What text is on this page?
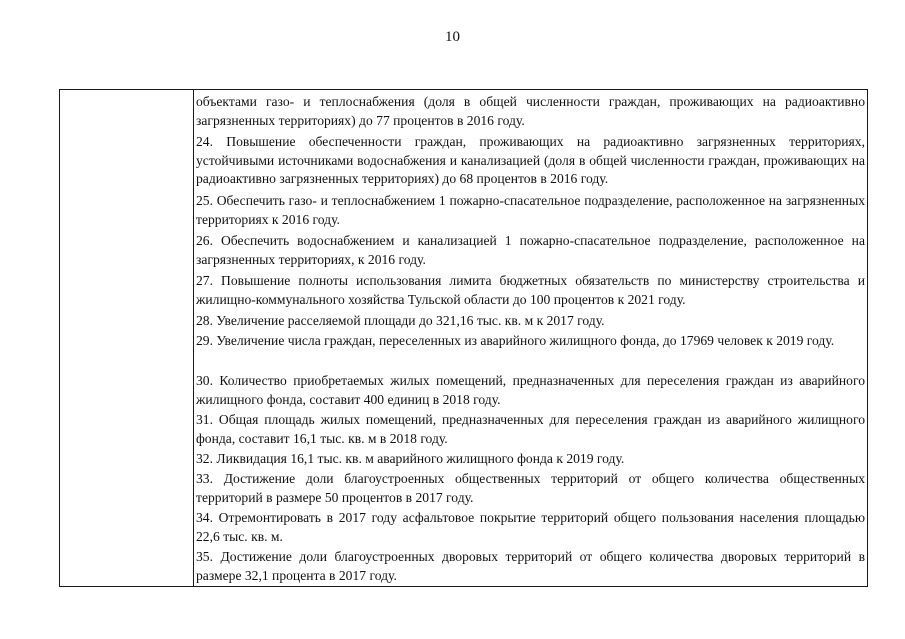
10

объектами газо- и теплоснабжения (доля в общей численности граждан, проживающих на радиоактивно загрязненных территориях) до 77 процентов в 2016 году.

24. Повышение обеспеченности граждан, проживающих на радиоактивно загрязненных территориях, устойчивыми источниками водоснабжения и канализацией (доля в общей численности граждан, проживающих на радиоактивно загрязненных территориях) до 68 процентов в 2016 году.

25. Обеспечить газо- и теплоснабжением 1 пожарно-спасательное подразделение, расположенное на загрязненных территориях к 2016 году.

26. Обеспечить водоснабжением и канализацией 1 пожарно-спасательное подразделение, расположенное на загрязненных территориях, к 2016 году.

27. Повышение полноты использования лимита бюджетных обязательств по министерству строительства и жилищно-коммунального хозяйства Тульской области до 100 процентов к 2021 году.

28. Увеличение расселяемой площади до 321,16 тыс. кв. м к 2017 году.

29. Увеличение числа граждан, переселенных из аварийного жилищного фонда, до 17969 человек к 2019 году.

30. Количество приобретаемых жилых помещений, предназначенных для переселения граждан из аварийного жилищного фонда, составит 400 единиц в 2018 году.

31. Общая площадь жилых помещений, предназначенных для переселения граждан из аварийного жилищного фонда, составит 16,1 тыс. кв. м в 2018 году.

32. Ликвидация 16,1 тыс. кв. м аварийного жилищного фонда к 2019 году.

33. Достижение доли благоустроенных общественных территорий от общего количества общественных территорий в размере 50 процентов в 2017 году.

34. Отремонтировать в 2017 году асфальтовое покрытие территорий общего пользования населения площадью 22,6 тыс. кв. м.

35. Достижение доли благоустроенных дворовых территорий от общего количества дворовых территорий в размере 32,1 процента в 2017 году.
